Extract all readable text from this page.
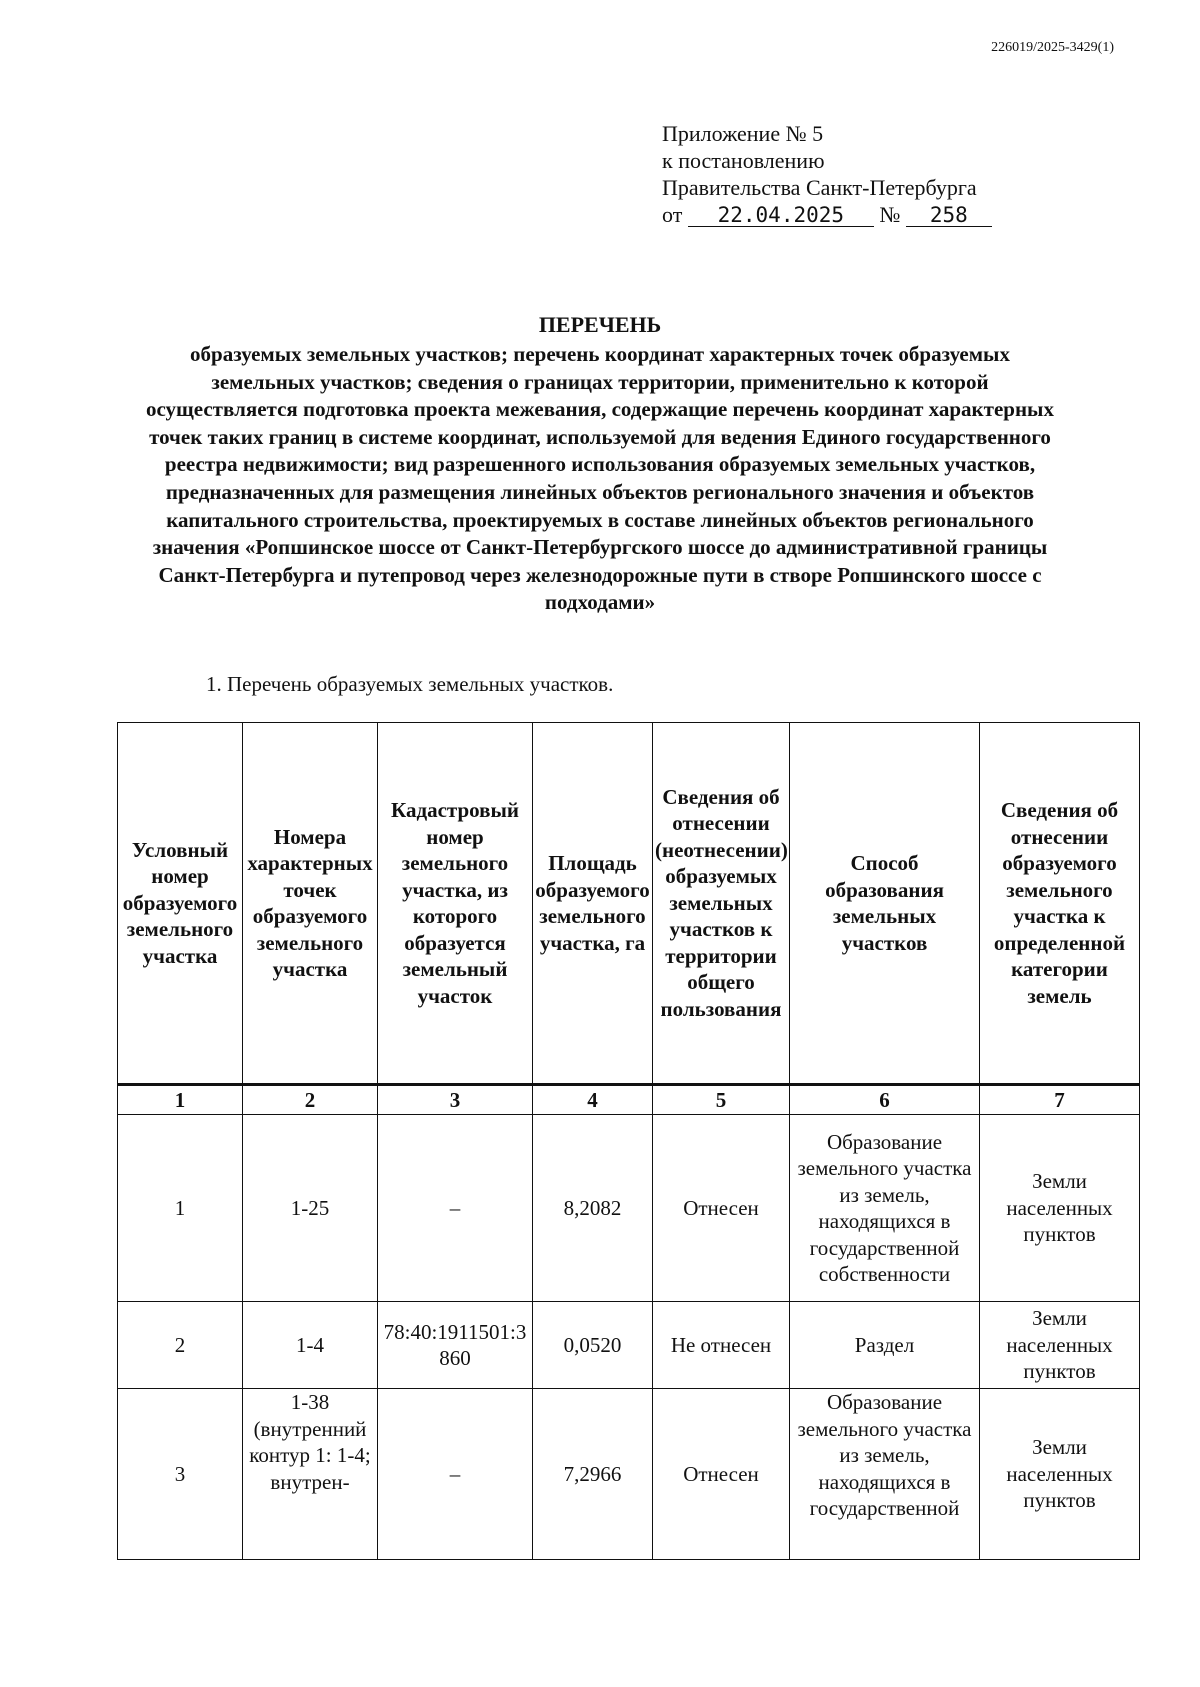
226019/2025-3429(1)
Приложение № 5
к постановлению
Правительства Санкт-Петербурга
от 22.04.2025 № 258
ПЕРЕЧЕНЬ
образуемых земельных участков; перечень координат характерных точек образуемых земельных участков; сведения о границах территории, применительно к которой осуществляется подготовка проекта межевания, содержащие перечень координат характерных точек таких границ в системе координат, используемой для ведения Единого государственного реестра недвижимости; вид разрешенного использования образуемых земельных участков, предназначенных для размещения линейных объектов регионального значения и объектов капитального строительства, проектируемых в составе линейных объектов регионального значения «Ропшинское шоссе от Санкт-Петербургского шоссе до административной границы Санкт-Петербурга и путепровод через железнодорожные пути в створе Ропшинского шоссе с подходами»
1. Перечень образуемых земельных участков.
Условный номер образуемого земельного участка	Номера характерных точек образуемого земельного участка	Кадастровый номер земельного участка, из которого образуется земельный участок	Площадь образуемого земельного участка, га	Сведения об отнесении (неотнесении) образуемых земельных участков к территории общего пользования	Способ образования земельных участков	Сведения об отнесении образуемого земельного участка к определенной категории земель
1	2	3	4	5	6	7
1	1-25	–	8,2082	Отнесен	Образование земельного участка из земель, находящихся в государственной собственности	Земли населенных пунктов
2	1-4	78:40:1911501:3860	0,0520	Не отнесен	Раздел	Земли населенных пунктов
3	1-38 (внутренний контур 1: 1-4; внутрен-	–	7,2966	Отнесен	Образование земельного участка из земель, находящихся в государственной	Земли населенных пунктов
